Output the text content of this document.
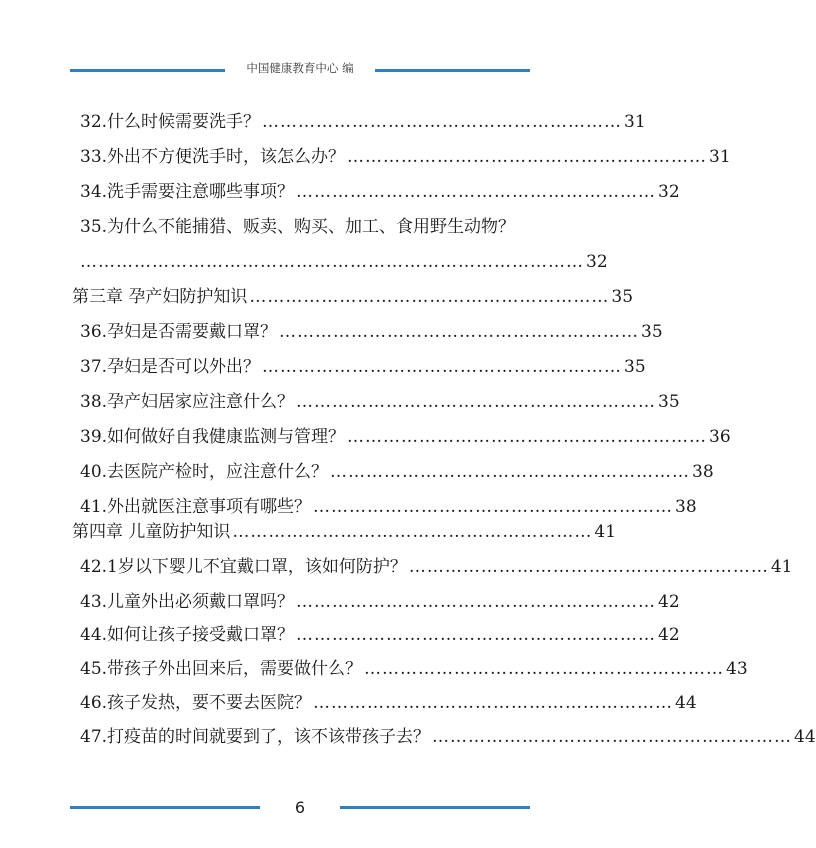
中国健康教育中心 编
32.什么时候需要洗手？ …………………………………………………… 31
33.外出不方便洗手时，该怎么办？ …………………………………………………… 31
34.洗手需要注意哪些事项？ …………………………………………………… 32
35.为什么不能捕猎、贩卖、购买、加工、食用野生动物？
………………………………………………………………………… 32
第三章 孕产妇防护知识 …………………………………………………… 35
36.孕妇是否需要戴口罩？ …………………………………………………… 35
37.孕妇是否可以外出？ …………………………………………………… 35
38.孕产妇居家应注意什么？ …………………………………………………… 35
39.如何做好自我健康监测与管理？ …………………………………………………… 36
40.去医院产检时，应注意什么？ …………………………………………………… 38
41.外出就医注意事项有哪些？ …………………………………………………… 38
第四章 儿童防护知识 …………………………………………………… 41
42.1岁以下婴儿不宜戴口罩，该如何防护？ …………………………………………………… 41
43.儿童外出必须戴口罩吗？ …………………………………………………… 42
44.如何让孩子接受戴口罩？ …………………………………………………… 42
45.带孩子外出回来后，需要做什么？ …………………………………………………… 43
46.孩子发热，要不要去医院？ …………………………………………………… 44
47.打疫苗的时间就要到了，该不该带孩子去？ …………………………………………………… 44
6
